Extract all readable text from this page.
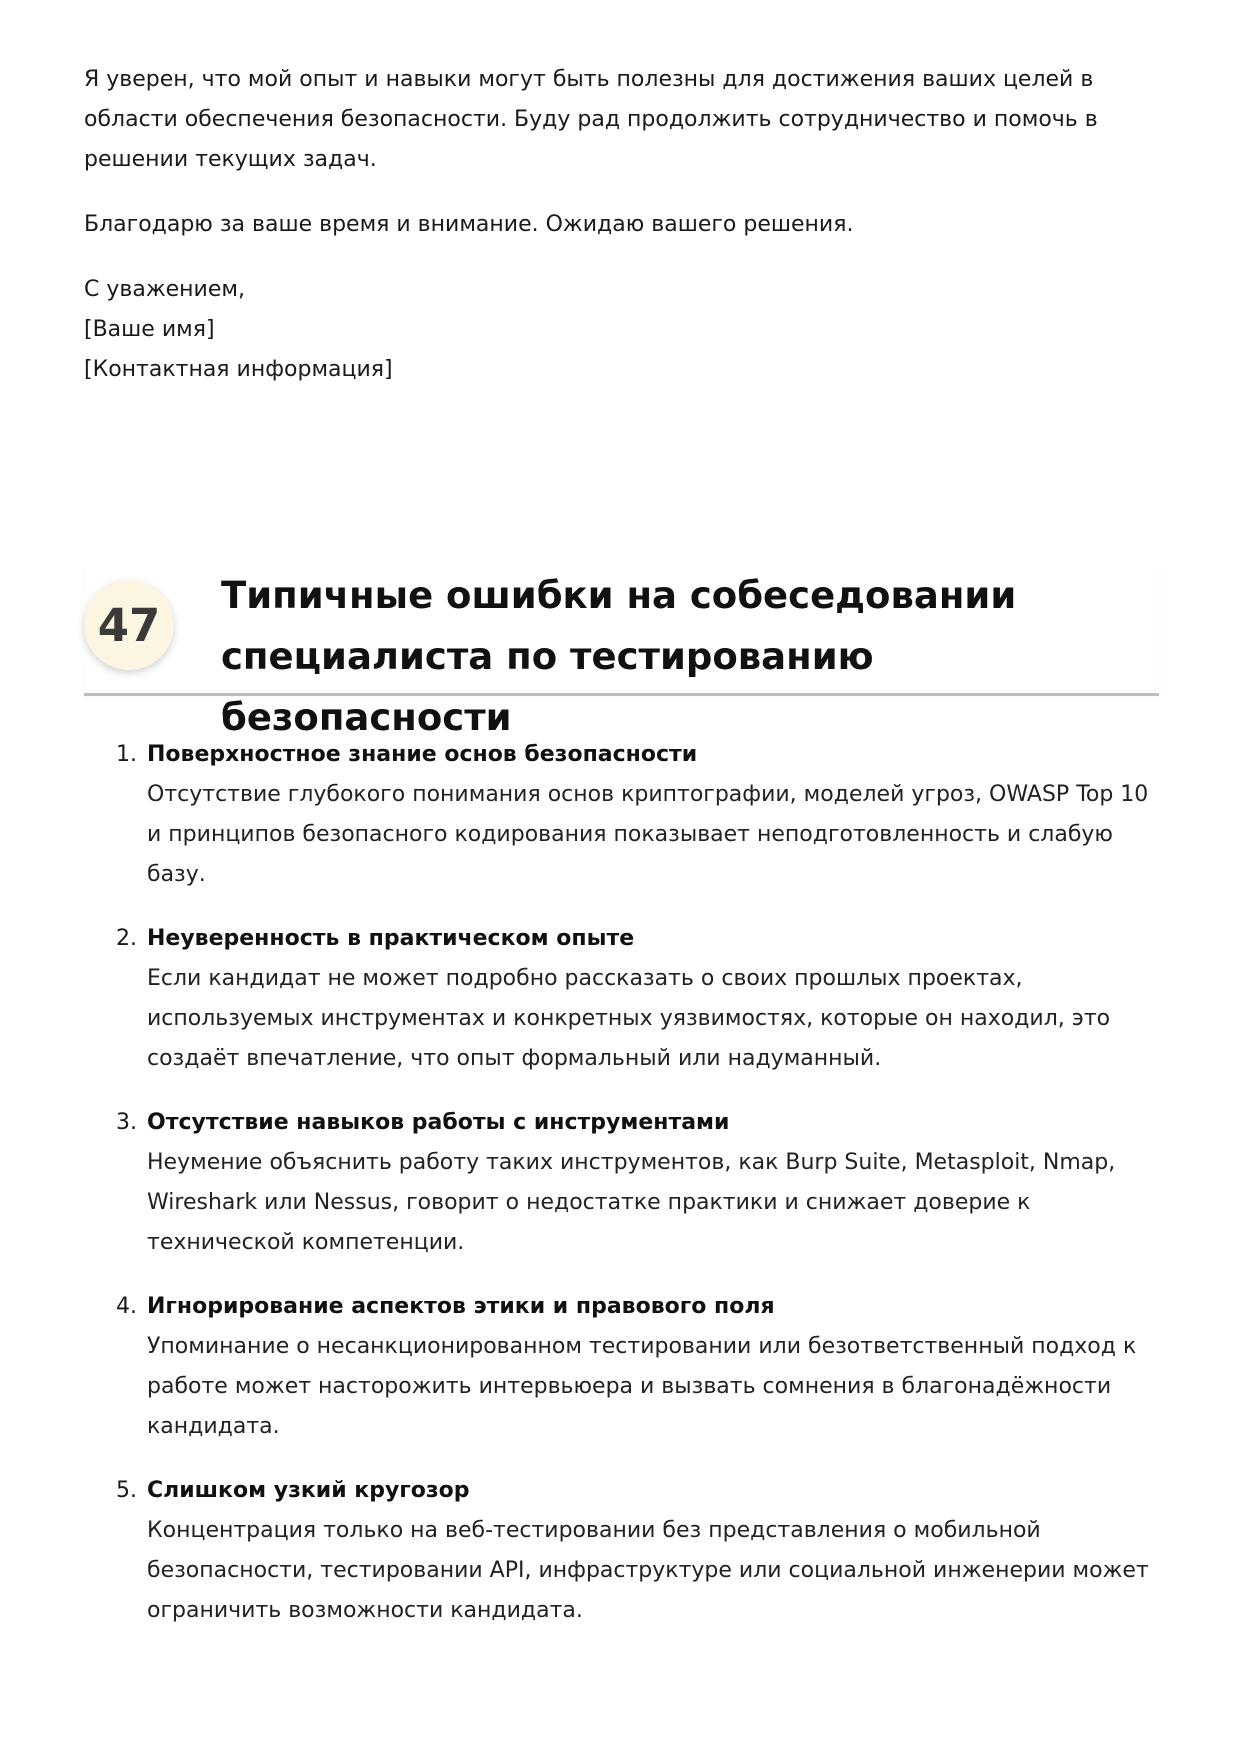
Я уверен, что мой опыт и навыки могут быть полезны для достижения ваших целей в области обеспечения безопасности. Буду рад продолжить сотрудничество и помочь в решении текущих задач.

Благодарю за ваше время и внимание. Ожидаю вашего решения.

С уважением,
[Ваше имя]
[Контактная информация]
47
Типичные ошибки на собеседовании специалиста по тестированию безопасности
1. Поверхностное знание основ безопасности
Отсутствие глубокого понимания основ криптографии, моделей угроз, OWASP Top 10 и принципов безопасного кодирования показывает неподготовленность и слабую базу.
2. Неуверенность в практическом опыте
Если кандидат не может подробно рассказать о своих прошлых проектах, используемых инструментах и конкретных уязвимостях, которые он находил, это создаёт впечатление, что опыт формальный или надуманный.
3. Отсутствие навыков работы с инструментами
Неумение объяснить работу таких инструментов, как Burp Suite, Metasploit, Nmap, Wireshark или Nessus, говорит о недостатке практики и снижает доверие к технической компетенции.
4. Игнорирование аспектов этики и правового поля
Упоминание о несанкционированном тестировании или безответственный подход к работе может насторожить интервьюера и вызвать сомнения в благонадёжности кандидата.
5. Слишком узкий кругозор
Концентрация только на веб-тестировании без представления о мобильной безопасности, тестировании API, инфраструктуре или социальной инженерии может ограничить возможности кандидата.
